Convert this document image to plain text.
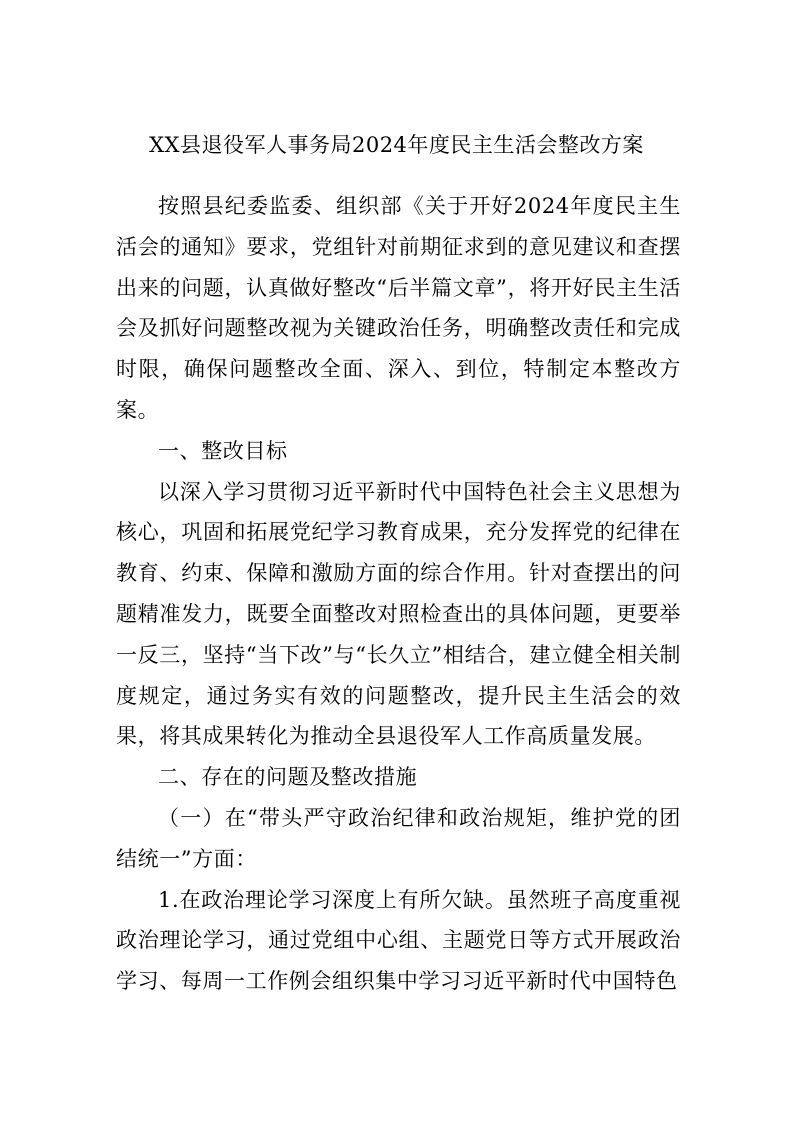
XX县退役军人事务局2024年度民主生活会整改方案

按照县纪委监委、组织部《关于开好2024年度民主生活会的通知》要求，党组针对前期征求到的意见建议和查摆出来的问题，认真做好整改“后半篇文章”，将开好民主生活会及抓好问题整改视为关键政治任务，明确整改责任和完成时限，确保问题整改全面、深入、到位，特制定本整改方案。

一、整改目标

以深入学习贯彻习近平新时代中国特色社会主义思想为核心，巩固和拓展党纪学习教育成果，充分发挥党的纪律在教育、约束、保障和激励方面的综合作用。针对查摆出的问题精准发力，既要全面整改对照检查出的具体问题，更要举一反三，坚持“当下改”与“长久立”相结合，建立健全相关制度规定，通过务实有效的问题整改，提升民主生活会的效果，将其成果转化为推动全县退役军人工作高质量发展。

二、存在的问题及整改措施

（一）在“带头严守政治纪律和政治规矩，维护党的团结统一”方面：

1.在政治理论学习深度上有所欠缺。虽然班子高度重视政治理论学习，通过党组中心组、主题党日等方式开展政治学习、每周一工作例会组织集中学习习近平新时代中国特色
